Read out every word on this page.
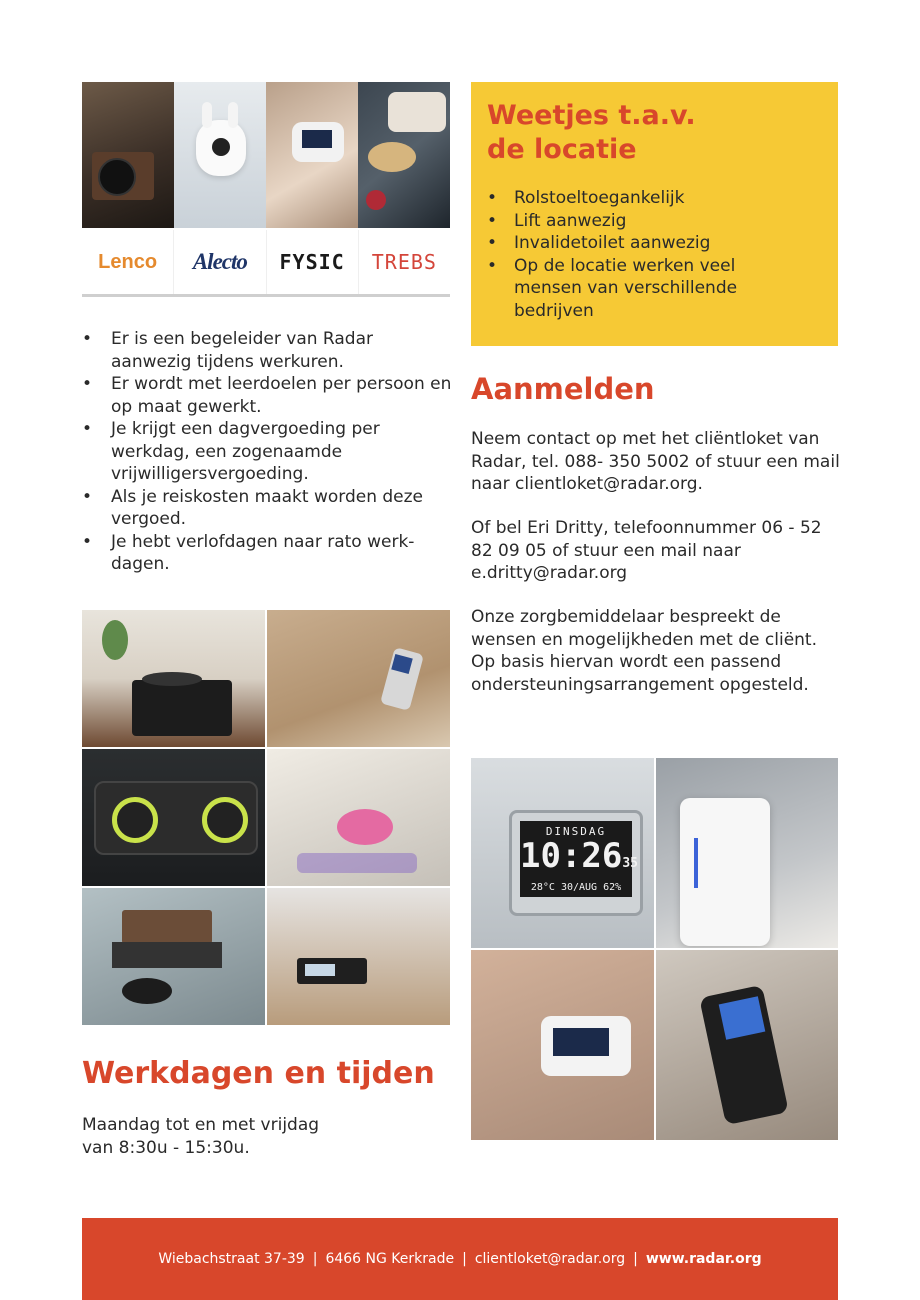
Lenco	Alecto	FYSIC	TREBS
• Er is een begeleider van Radar aanwezig tijdens werkuren.
• Er wordt met leerdoelen per persoon en op maat gewerkt.
• Je krijgt een dagvergoeding per werkdag, een zogenaamde vrijwilligersvergoeding.
• Als je reiskosten maakt worden deze vergoed.
• Je hebt verlofdagen naar rato werk-dagen.
Werkdagen en tijden
Maandag tot en met vrijdag
van 8:30u - 15:30u.
Weetjes t.a.v.
de locatie
• Rolstoeltoegankelijk
• Lift aanwezig
• Invalidetoilet aanwezig
• Op de locatie werken veel mensen van verschillende bedrijven
Aanmelden

Neem contact op met het cliëntloket van Radar, tel. 088- 350 5002 of stuur een mail naar clientloket@radar.org.

Of bel Eri Dritty, telefoonnummer 06 - 52 82 09 05 of stuur een mail naar e.dritty@radar.org

Onze zorgbemiddelaar bespreekt de wensen en mogelijkheden met de cliënt. Op basis hiervan wordt een passend ondersteuningsarrangement opgesteld.

DINSDAG
10:2635
28°C 30/AUG 62%
Wiebachstraat 37-39 | 6466 NG Kerkrade | clientloket@radar.org | www.radar.org
